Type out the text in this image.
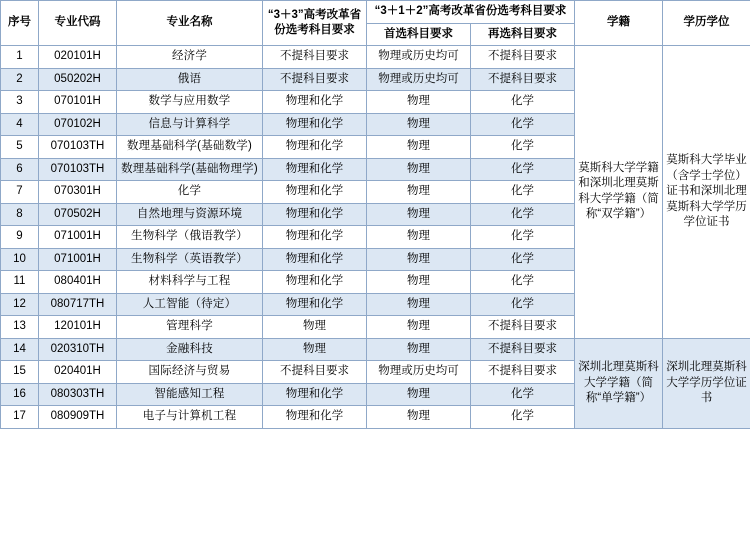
序号	专业代码	专业名称	“3＋3”高考改革省份选考科目要求	“3＋1＋2”高考改革省份选考科目要求		学籍	学历学位
				首选科目要求	再选科目要求		
1	020101H	经济学	不提科目要求	物理或历史均可	不提科目要求	莫斯科大学学籍和深圳北理莫斯科大学学籍（简称“双学籍”）	莫斯科大学毕业（含学士学位）证书和深圳北理莫斯科大学学历学位证书
2	050202H	俄语	不提科目要求	物理或历史均可	不提科目要求		
3	070101H	数学与应用数学	物理和化学	物理	化学		
4	070102H	信息与计算科学	物理和化学	物理	化学		
5	070103TH	数理基础科学(基础数学)	物理和化学	物理	化学		
6	070103TH	数理基础科学(基础物理学)	物理和化学	物理	化学		
7	070301H	化学	物理和化学	物理	化学		
8	070502H	自然地理与资源环境	物理和化学	物理	化学		
9	071001H	生物科学（俄语教学）	物理和化学	物理	化学		
10	071001H	生物科学（英语教学）	物理和化学	物理	化学		
11	080401H	材料科学与工程	物理和化学	物理	化学		
12	080717TH	人工智能（待定）	物理和化学	物理	化学		
13	120101H	管理科学	物理	物理	不提科目要求		
14	020310TH	金融科技	物理	物理	不提科目要求	深圳北理莫斯科大学学籍（简称“单学籍”）	深圳北理莫斯科大学学历学位证书
15	020401H	国际经济与贸易	不提科目要求	物理或历史均可	不提科目要求		
16	080303TH	智能感知工程	物理和化学	物理	化学		
17	080909TH	电子与计算机工程	物理和化学	物理	化学		
